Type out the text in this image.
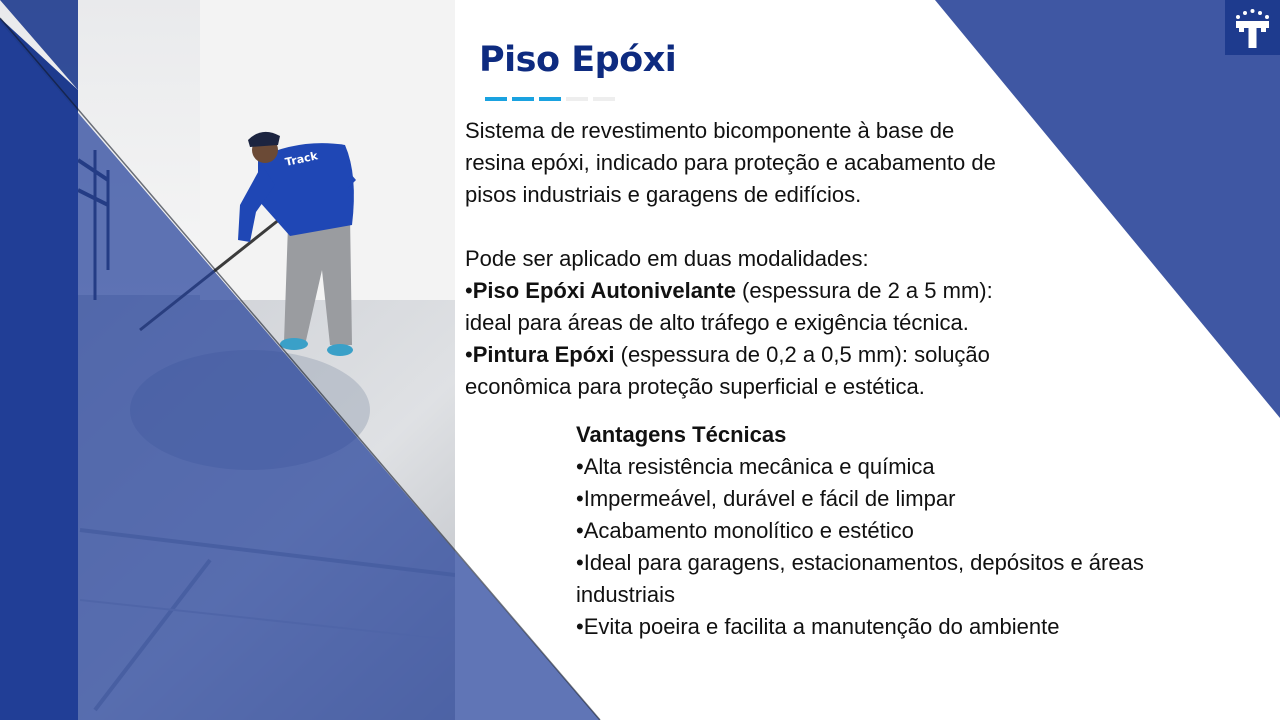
Track
Piso Epóxi

Sistema de revestimento bicomponente à base de

resina epóxi, indicado para proteção e acabamento de

pisos industriais e garagens de edifícios.

Pode ser aplicado em duas modalidades:

•Piso Epóxi Autonivelante (espessura de 2 a 5 mm):

ideal para áreas de alto tráfego e exigência técnica.

•Pintura Epóxi (espessura de 0,2 a 0,5 mm): solução

econômica para proteção superficial e estética.

Vantagens Técnicas

•Alta resistência mecânica e química

•Impermeável, durável e fácil de limpar

•Acabamento monolítico e estético

•Ideal para garagens, estacionamentos, depósitos e áreas

industriais

•Evita poeira e facilita a manutenção do ambiente
